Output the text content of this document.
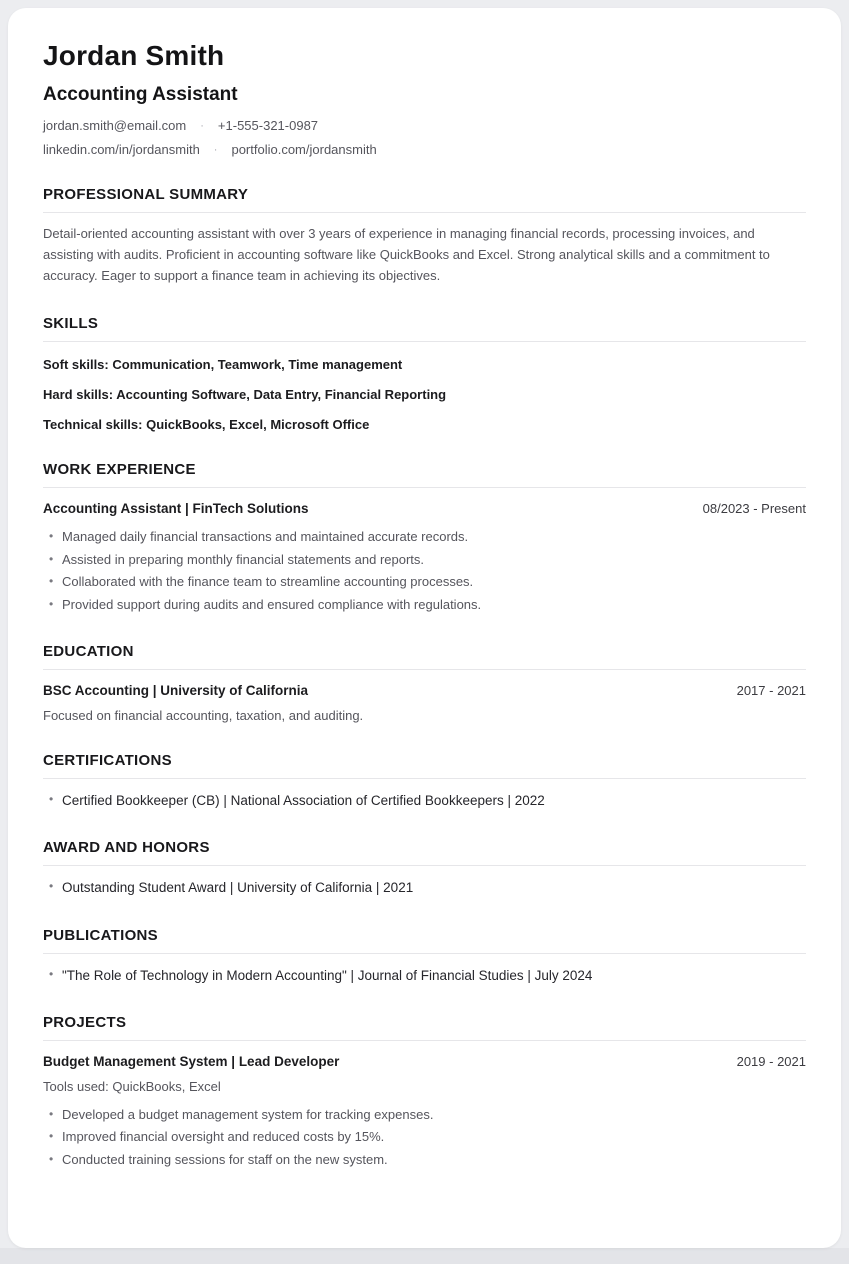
Jordan Smith
Accounting Assistant
jordan.smith@email.com · +1-555-321-0987
linkedin.com/in/jordansmith · portfolio.com/jordansmith
PROFESSIONAL SUMMARY

Detail-oriented accounting assistant with over 3 years of experience in managing financial records, processing invoices, and assisting with audits. Proficient in accounting software like QuickBooks and Excel. Strong analytical skills and a commitment to accuracy. Eager to support a finance team in achieving its objectives.

SKILLS

Soft skills: Communication, Teamwork, Time management

Hard skills: Accounting Software, Data Entry, Financial Reporting

Technical skills: QuickBooks, Excel, Microsoft Office

WORK EXPERIENCE
Accounting Assistant | FinTech Solutions	08/2023 - Present
• Managed daily financial transactions and maintained accurate records.
• Assisted in preparing monthly financial statements and reports.
• Collaborated with the finance team to streamline accounting processes.
• Provided support during audits and ensured compliance with regulations.
EDUCATION
BSC Accounting | University of California	2017 - 2021

Focused on financial accounting, taxation, and auditing.

CERTIFICATIONS
• Certified Bookkeeper (CB) | National Association of Certified Bookkeepers | 2022
AWARD AND HONORS
• Outstanding Student Award | University of California | 2021
PUBLICATIONS
• "The Role of Technology in Modern Accounting" | Journal of Financial Studies | July 2024
PROJECTS
Budget Management System | Lead Developer	2019 - 2021

Tools used: QuickBooks, Excel

• Developed a budget management system for tracking expenses.
• Improved financial oversight and reduced costs by 15%.
• Conducted training sessions for staff on the new system.
